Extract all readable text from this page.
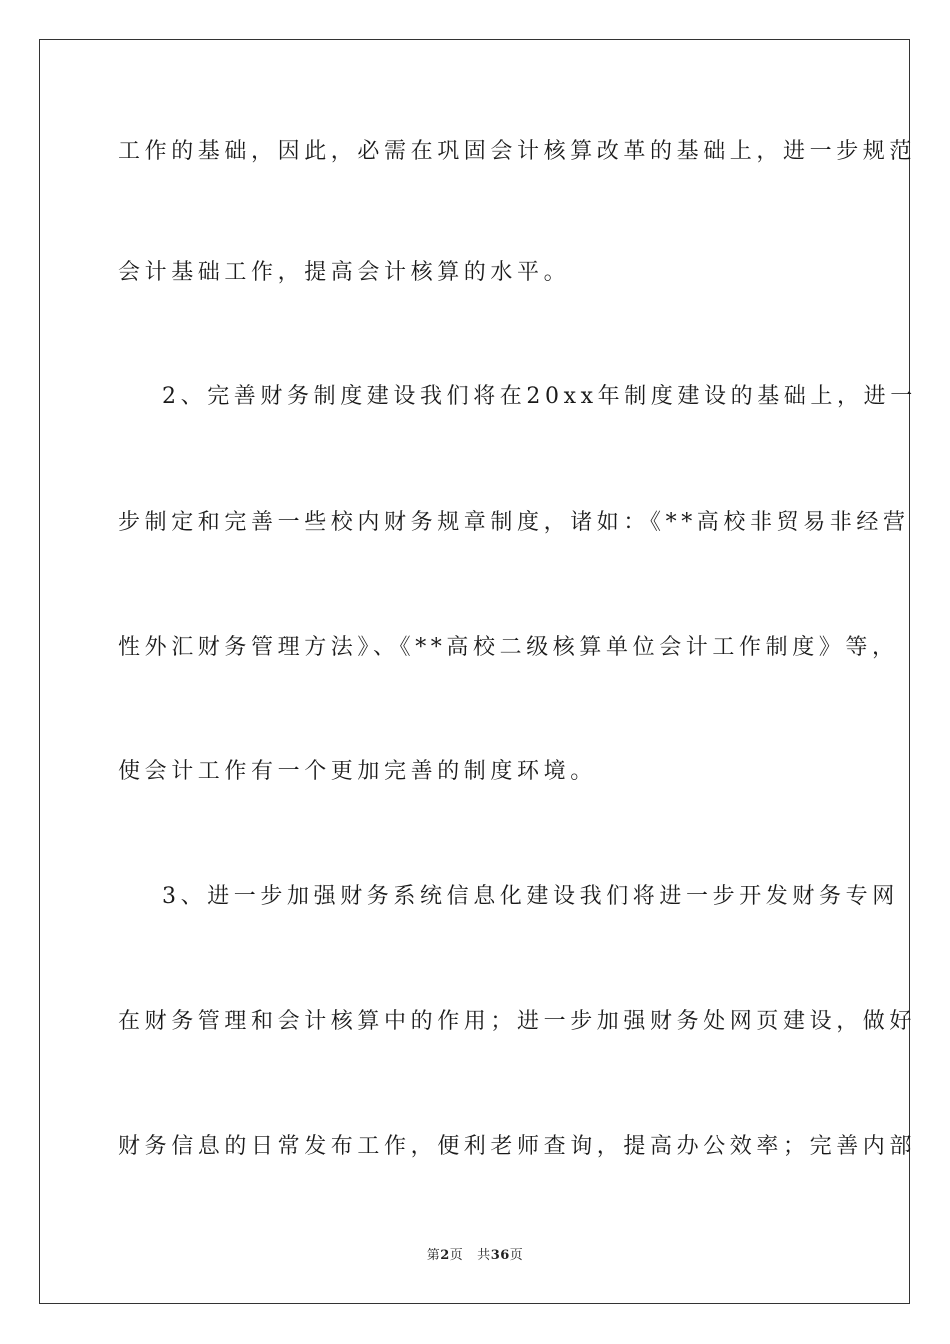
工作的基础，因此，必需在巩固会计核算改革的基础上，进一步规范
会计基础工作，提高会计核算的水平。
2、完善财务制度建设我们将在20xx年制度建设的基础上，进一
步制定和完善一些校内财务规章制度，诸如：《**高校非贸易非经营
性外汇财务管理方法》、《**高校二级核算单位会计工作制度》等，
使会计工作有一个更加完善的制度环境。
3、进一步加强财务系统信息化建设我们将进一步开发财务专网
在财务管理和会计核算中的作用；进一步加强财务处网页建设，做好
财务信息的日常发布工作，便利老师查询，提高办公效率；完善内部
第2页 共36页
